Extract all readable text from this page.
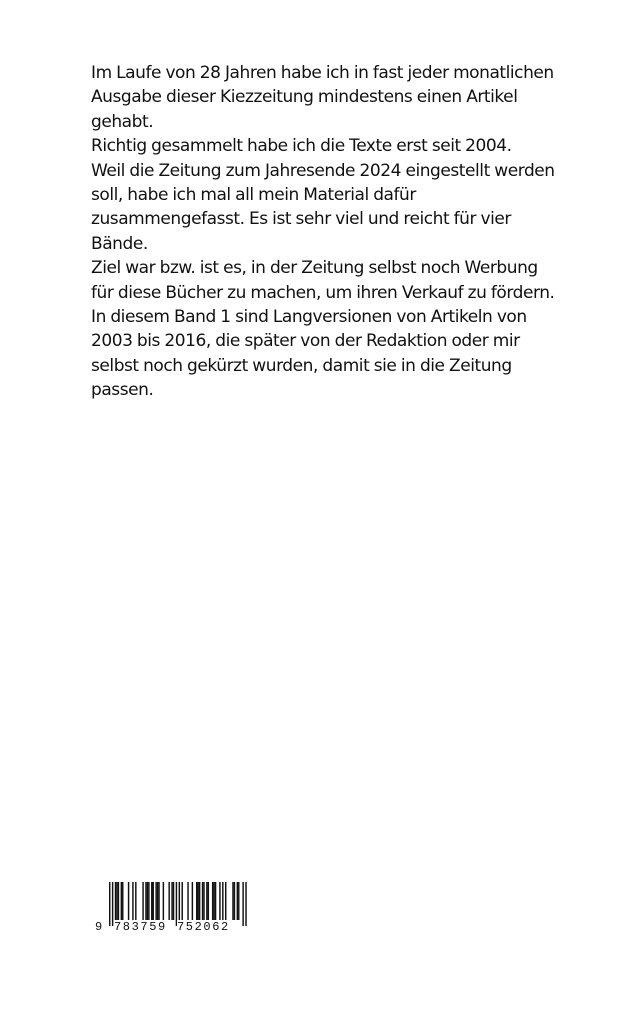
Im Laufe von 28 Jahren habe ich in fast jeder monatlichen Ausgabe dieser Kiezzeitung mindestens einen Artikel gehabt.

Richtig gesammelt habe ich die Texte erst seit 2004.

Weil die Zeitung zum Jahresende 2024 eingestellt werden soll, habe ich mal all mein Material dafür zusammengefasst. Es ist sehr viel und reicht für vier Bände.

Ziel war bzw. ist es, in der Zeitung selbst noch Werbung für diese Bücher zu machen, um ihren Verkauf zu fördern.

In diesem Band 1 sind Langversionen von Artikeln von 2003 bis 2016, die später von der Redaktion oder mir selbst noch gekürzt wurden, damit sie in die Zeitung passen.

9 783759 752062
